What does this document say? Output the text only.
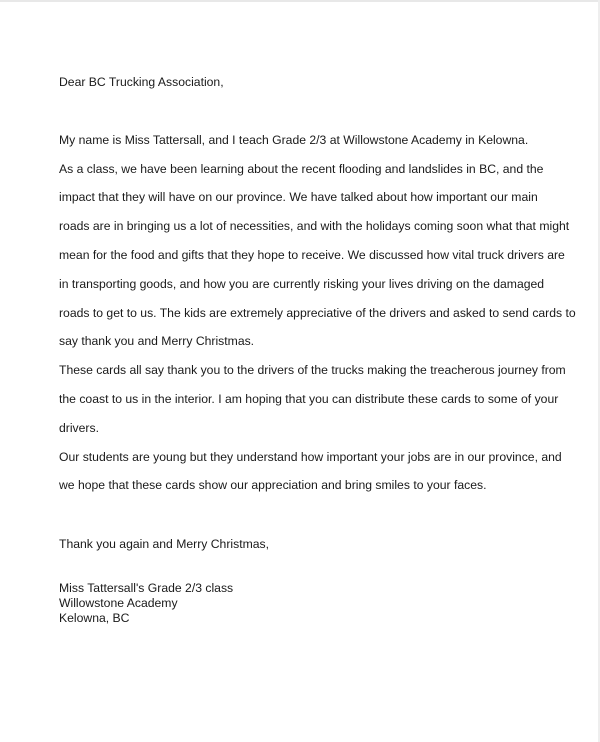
Dear BC Trucking Association,
My name is Miss Tattersall, and I teach Grade 2/3 at Willowstone Academy in Kelowna.
As a class, we have been learning about the recent flooding and landslides in BC, and the
impact that they will have on our province. We have talked about how important our main
roads are in bringing us a lot of necessities, and with the holidays coming soon what that might
mean for the food and gifts that they hope to receive. We discussed how vital truck drivers are
in transporting goods, and how you are currently risking your lives driving on the damaged
roads to get to us. The kids are extremely appreciative of the drivers and asked to send cards to
say thank you and Merry Christmas.
These cards all say thank you to the drivers of the trucks making the treacherous journey from
the coast to us in the interior. I am hoping that you can distribute these cards to some of your
drivers.
Our students are young but they understand how important your jobs are in our province, and
we hope that these cards show our appreciation and bring smiles to your faces.
Thank you again and Merry Christmas,
Miss Tattersall's Grade 2/3 class
Willowstone Academy
Kelowna, BC
